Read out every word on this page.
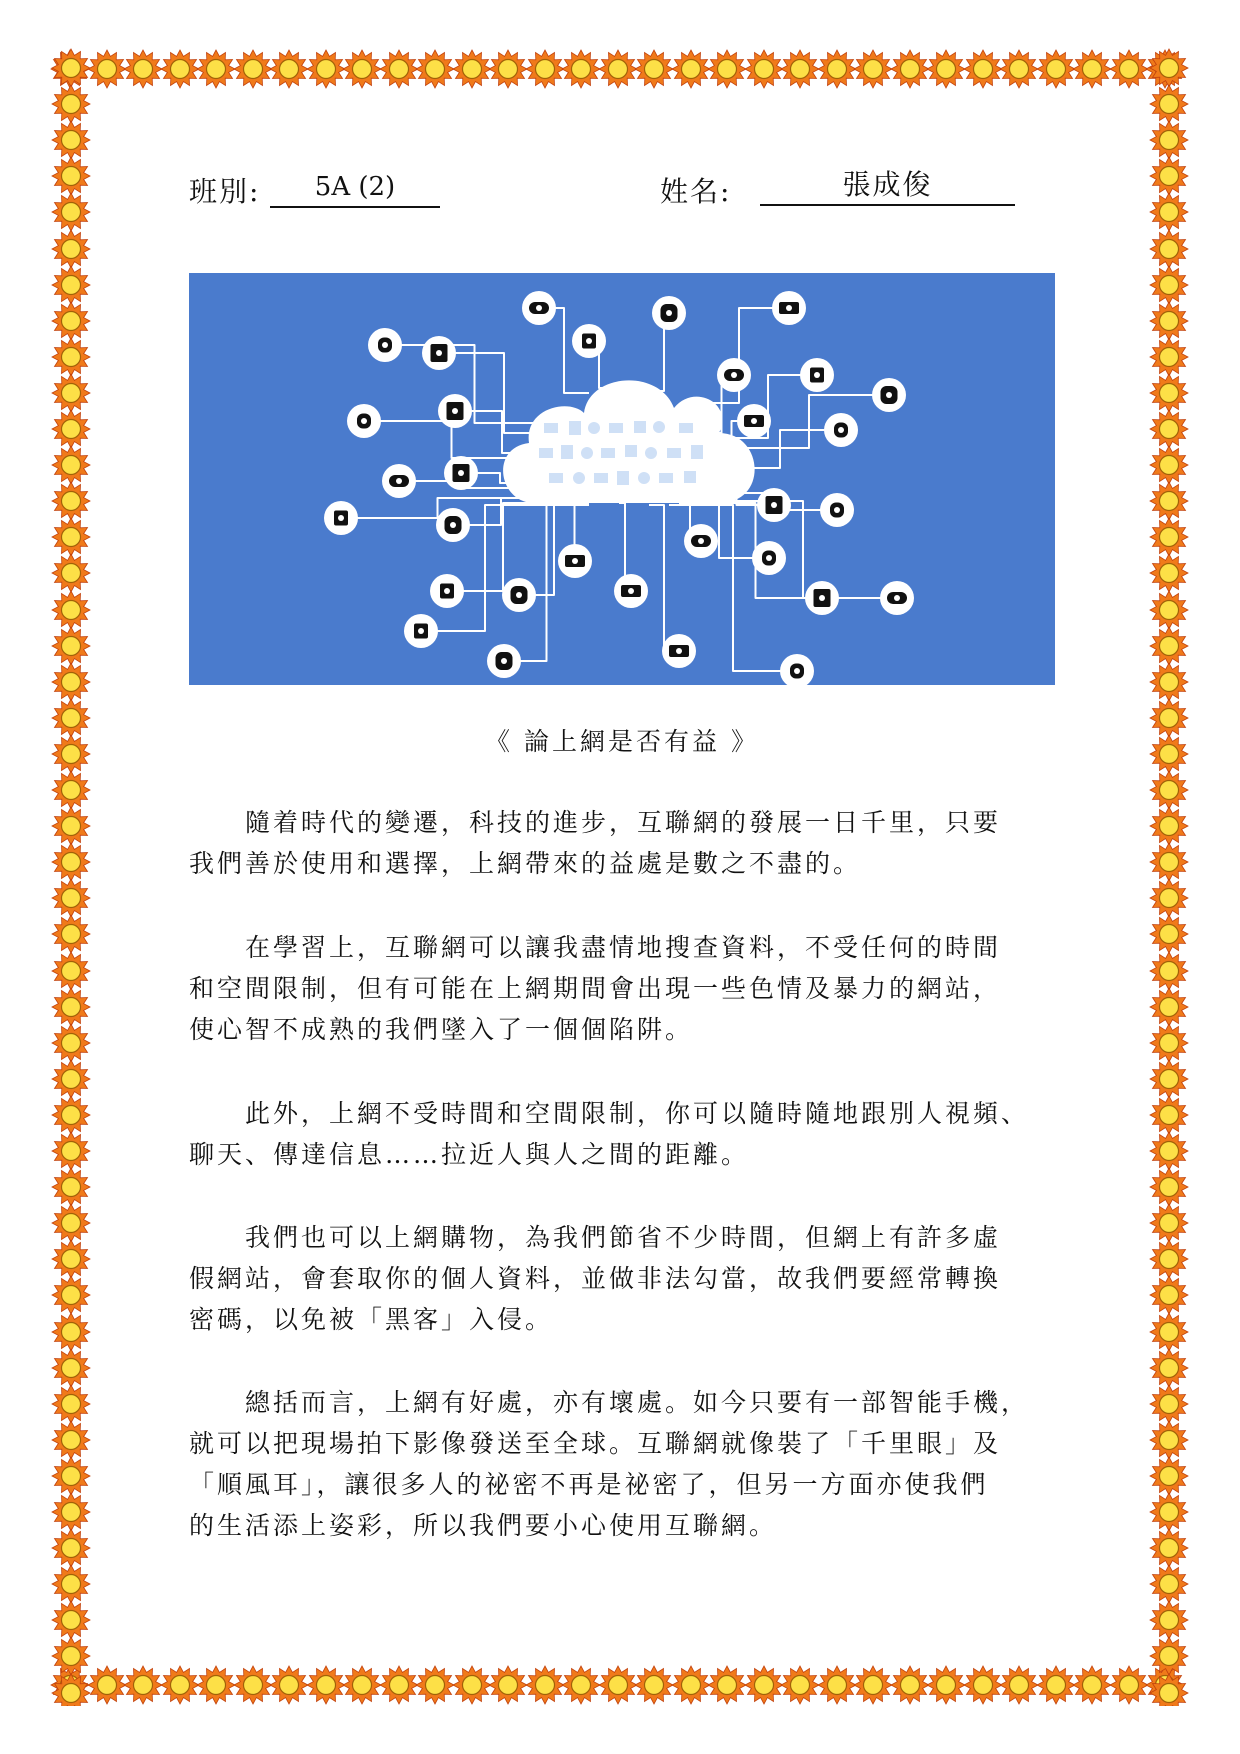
班別:	5A (2)	姓名:	張成俊
《 論上網是否有益 》
　　隨着時代的變遷，科技的進步，互聯網的發展一日千里，只要
我們善於使用和選擇，上網帶來的益處是數之不盡的。
　　在學習上，互聯網可以讓我盡情地搜查資料，不受任何的時間
和空間限制，但有可能在上網期間會出現一些色情及暴力的網站，
使心智不成熟的我們墜入了一個個陷阱。
　　此外，上網不受時間和空間限制，你可以隨時隨地跟別人視頻、
聊天、傳達信息……拉近人與人之間的距離。
　　我們也可以上網購物，為我們節省不少時間，但網上有許多虛
假網站，會套取你的個人資料，並做非法勾當，故我們要經常轉換
密碼，以免被「黑客」入侵。
　　總括而言，上網有好處，亦有壞處。如今只要有一部智能手機，
就可以把現場拍下影像發送至全球。互聯網就像裝了「千里眼」及
「順風耳」，讓很多人的祕密不再是祕密了，但另一方面亦使我們
的生活添上姿彩，所以我們要小心使用互聯網。
